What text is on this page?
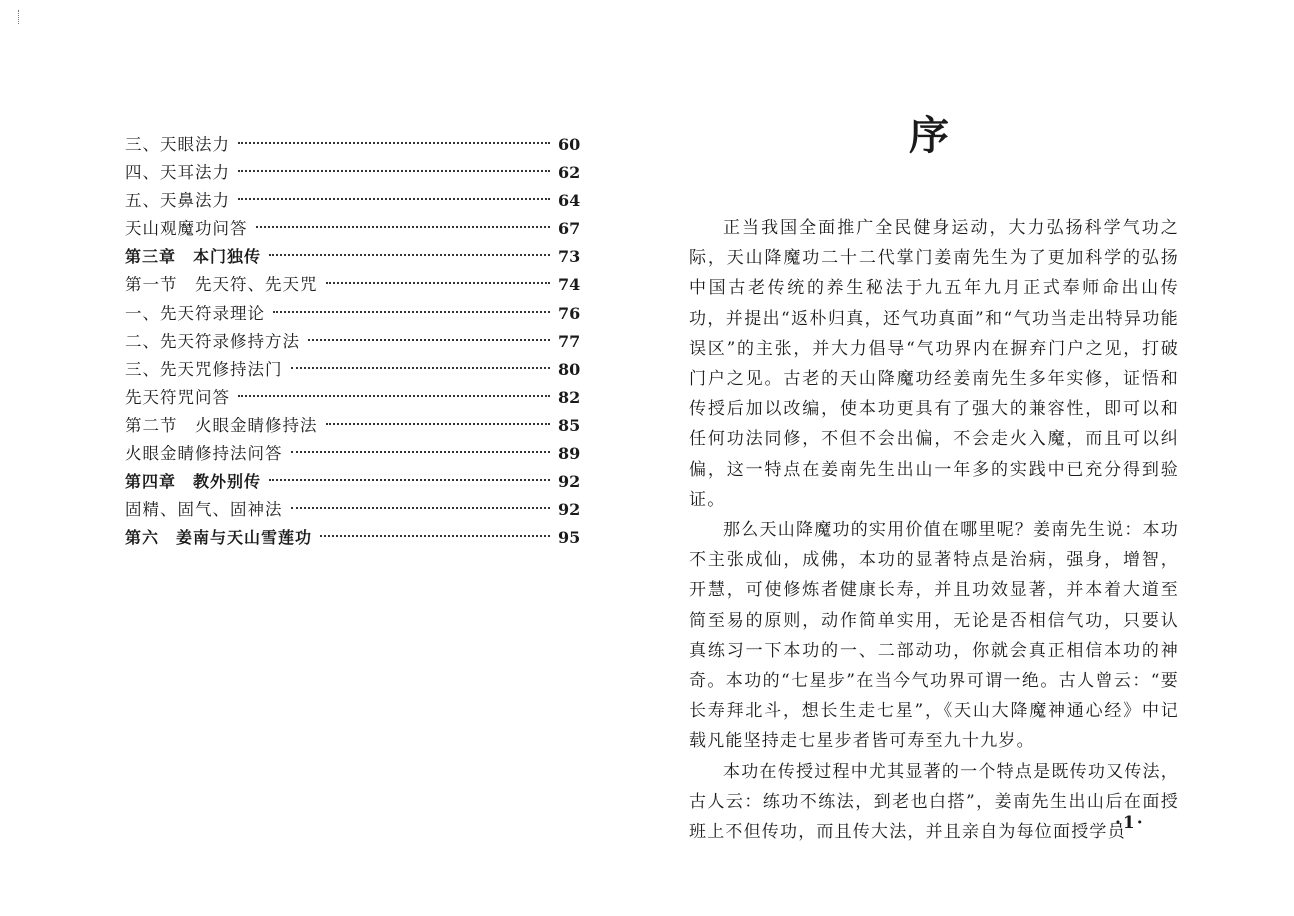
三、天眼法力	60
四、天耳法力	62
五、天鼻法力	64
天山观魔功问答	67
第三章　本门独传	73
第一节　先天符、先天咒	74
一、先天符录理论	76
二、先天符录修持方法	77
三、先天咒修持法门	80
先天符咒问答	82
第二节　火眼金睛修持法	85
火眼金睛修持法问答	89
第四章　教外别传	92
固精、固气、固神法	92
第六　姜南与天山雪莲功	95
序

正当我国全面推广全民健身运动，大力弘扬科学气功之际，天山降魔功二十二代掌门姜南先生为了更加科学的弘扬中国古老传统的养生秘法于九五年九月正式奉师命出山传功，并提出“返朴归真，还气功真面”和“气功当走出特异功能误区”的主张，并大力倡导“气功界内在摒弃门户之见，打破门户之见。古老的天山降魔功经姜南先生多年实修，证悟和传授后加以改编，使本功更具有了强大的兼容性，即可以和任何功法同修，不但不会出偏，不会走火入魔，而且可以纠偏，这一特点在姜南先生出山一年多的实践中已充分得到验证。

那么天山降魔功的实用价值在哪里呢？姜南先生说：本功不主张成仙，成佛，本功的显著特点是治病，强身，增智，开慧，可使修炼者健康长寿，并且功效显著，并本着大道至简至易的原则，动作简单实用，无论是否相信气功，只要认真练习一下本功的一、二部动功，你就会真正相信本功的神奇。本功的“七星步”在当今气功界可谓一绝。古人曾云：“要长寿拜北斗，想长生走七星”，《天山大降魔神通心经》中记载凡能坚持走七星步者皆可寿至九十九岁。

本功在传授过程中尤其显著的一个特点是既传功又传法，古人云：练功不练法，到老也白搭”，姜南先生出山后在面授班上不但传功，而且传大法，并且亲自为每位面授学员

·1·
